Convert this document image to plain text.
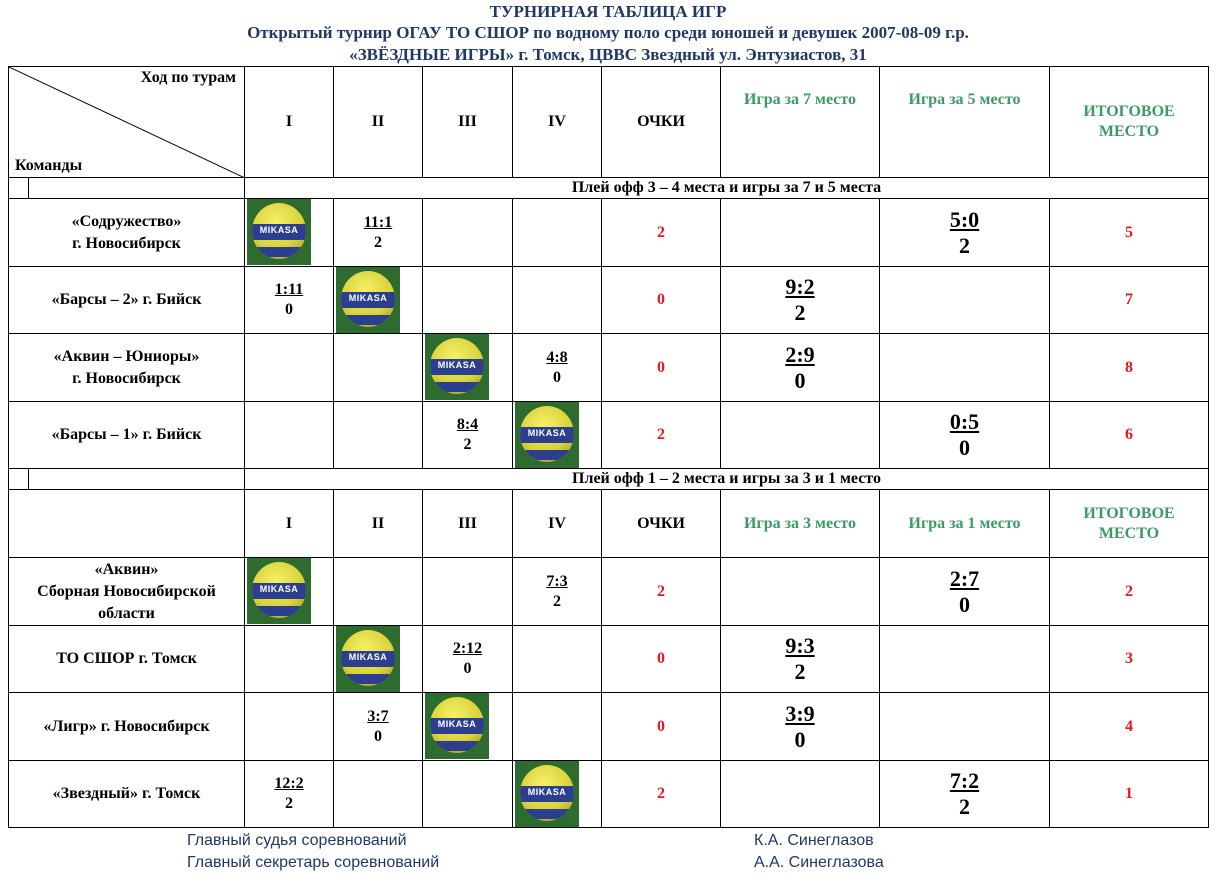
ТУРНИРНАЯ ТАБЛИЦА ИГР
Открытый турнир ОГАУ ТО СШОР по водному поло среди юношей и девушек 2007-08-09 г.р.
«ЗВЁЗДНЫЕ ИГРЫ» г. Томск, ЦВВС Звездный ул. Энтузиастов, 31
Ход по турам
Команды		I	II	III	IV	ОЧКИ	Игра за 7 место	Игра за 5 место	ИТОГОВОЕ
МЕСТО
		Плей офф 3 – 4 места и игры за 7 и 5 места							
«Содружество»
г. Новосибирск		MIKASA	$\frac{11:1}{2}$			2		$\frac{5:0}{2}$	5
«Барсы – 2» г. Бийск		$\frac{1:11}{0}$	MIKASA			0	$\frac{9:2}{2}$		7
«Аквин – Юниоры»
г. Новосибирск				MIKASA	$\frac{4:8}{0}$	0	$\frac{2:9}{0}$		8
«Барсы – 1» г. Бийск				$\frac{8:4}{2}$	MIKASA	2		$\frac{0:5}{0}$	6
		Плей офф 1 – 2 места и игры за 3 и 1 место							
		I	II	III	IV	ОЧКИ	Игра за 3 место	Игра за 1 место	ИТОГОВОЕ
МЕСТО
«Аквин»
Сборная Новосибирской
области		MIKASA			$\frac{7:3}{2}$	2		$\frac{2:7}{0}$	2
ТО СШОР г. Томск			MIKASA	$\frac{2:12}{0}$		0	$\frac{9:3}{2}$		3
«Лигр» г. Новосибирск			$\frac{3:7}{0}$	MIKASA		0	$\frac{3:9}{0}$		4
«Звездный» г. Томск		$\frac{12:2}{2}$			MIKASA	2		$\frac{7:2}{2}$	1
Главный судья соревнований	К.А. Синеглазов
Главный секретарь соревнований	А.А. Синеглазова
